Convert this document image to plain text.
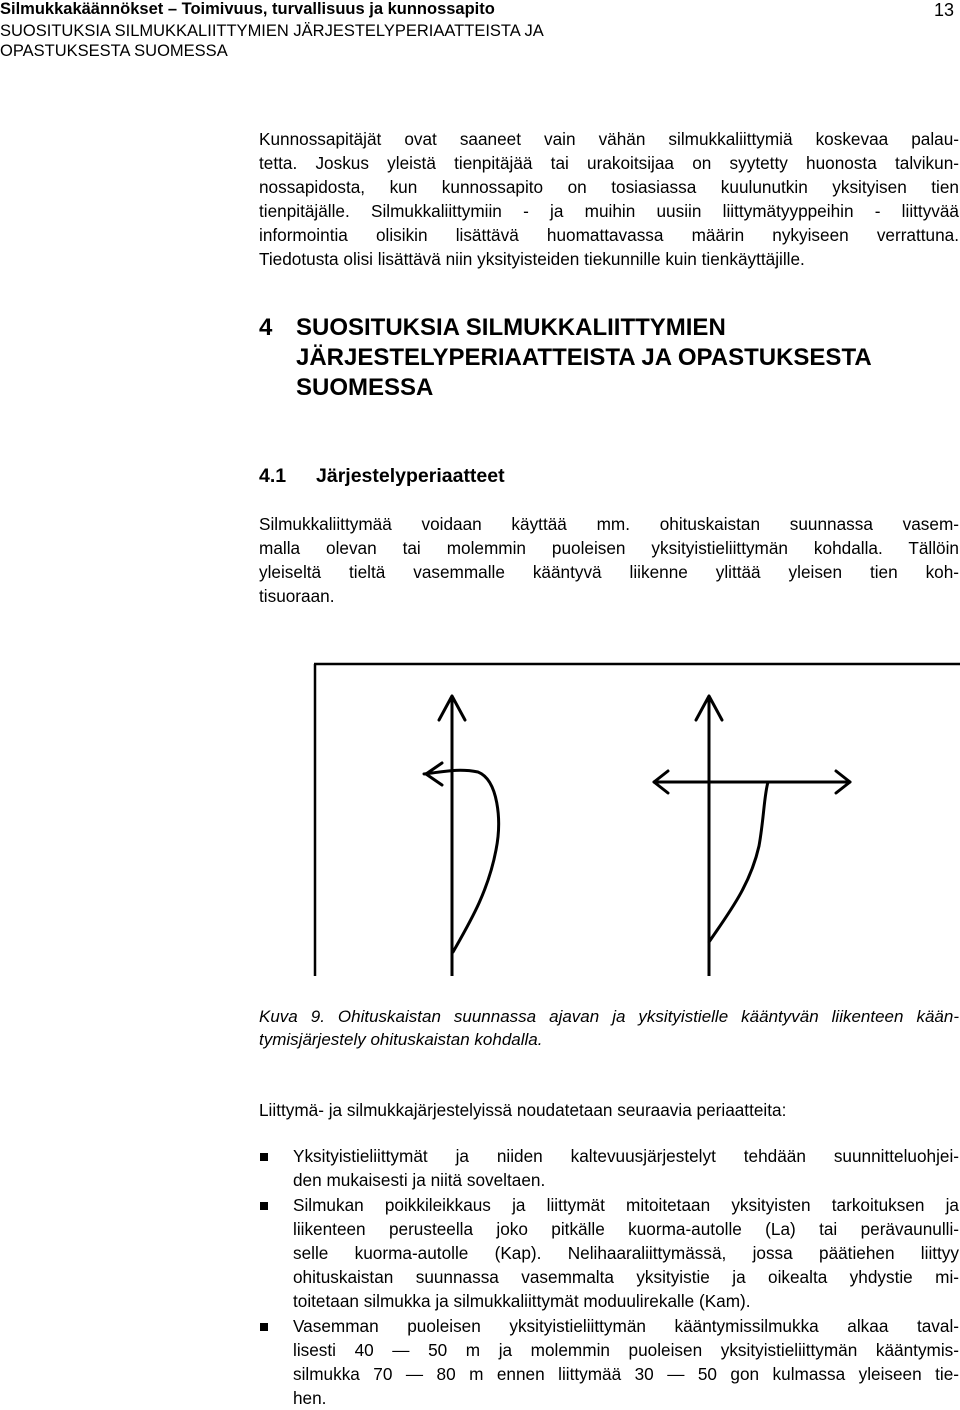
Silmukkakäännökset – Toimivuus, turvallisuus ja kunnossapito
SUOSITUKSIA SILMUKKALIITTYMIEN JÄRJESTELYPERIAATTEISTA JA
OPASTUKSESTA SUOMESSA
13
Kunnossapitäjät ovat saaneet vain vähän silmukkaliittymiä koskevaa palau-
tetta. Joskus yleistä tienpitäjää tai urakoitsijaa on syytetty huonosta talvikun-
nossapidosta, kun kunnossapito on tosiasiassa kuulunutkin yksityisen tien
tienpitäjälle. Silmukkaliittymiin - ja muihin uusiin liittymätyyppeihin - liittyvää
informointia olisikin lisättävä huomattavassa määrin nykyiseen verrattuna.
Tiedotusta olisi lisättävä niin yksityisteiden tiekunnille kuin tienkäyttäjille.
4 SUOSITUKSIA SILMUKKALIITTYMIEN
JÄRJESTELYPERIAATTEISTA JA OPASTUKSESTA
SUOMESSA
4.1 Järjestelyperiaatteet
Silmukkaliittymää voidaan käyttää mm. ohituskaistan suunnassa vasem-
malla olevan tai molemmin puoleisen yksityistieliittymän kohdalla. Tällöin
yleiseltä tieltä vasemmalle kääntyvä liikenne ylittää yleisen tien koh-
tisuoraan.
Kuva 9. Ohituskaistan suunnassa ajavan ja yksityistielle kääntyvän liikenteen kään-
tymisjärjestely ohituskaistan kohdalla.
Liittymä- ja silmukkajärjestelyissä noudatetaan seuraavia periaatteita:
Yksityistieliittymät ja niiden kaltevuusjärjestelyt tehdään suunnitteluohjei-
den mukaisesti ja niitä soveltaen.
Silmukan poikkileikkaus ja liittymät mitoitetaan yksityisten tarkoituksen ja
liikenteen perusteella joko pitkälle kuorma-autolle (La) tai perävaunulli-
selle kuorma-autolle (Kap). Nelihaaraliittymässä, jossa päätiehen liittyy
ohituskaistan suunnassa vasemmalta yksityistie ja oikealta yhdystie mi-
toitetaan silmukka ja silmukkaliittymät moduulirekalle (Kam).
Vasemman puoleisen yksityistieliittymän kääntymissilmukka alkaa taval-
lisesti 40 — 50 m ja molemmin puoleisen yksityistieliittymän kääntymis-
silmukka 70 — 80 m ennen liittymää 30 — 50 gon kulmassa yleiseen tie-
hen.
